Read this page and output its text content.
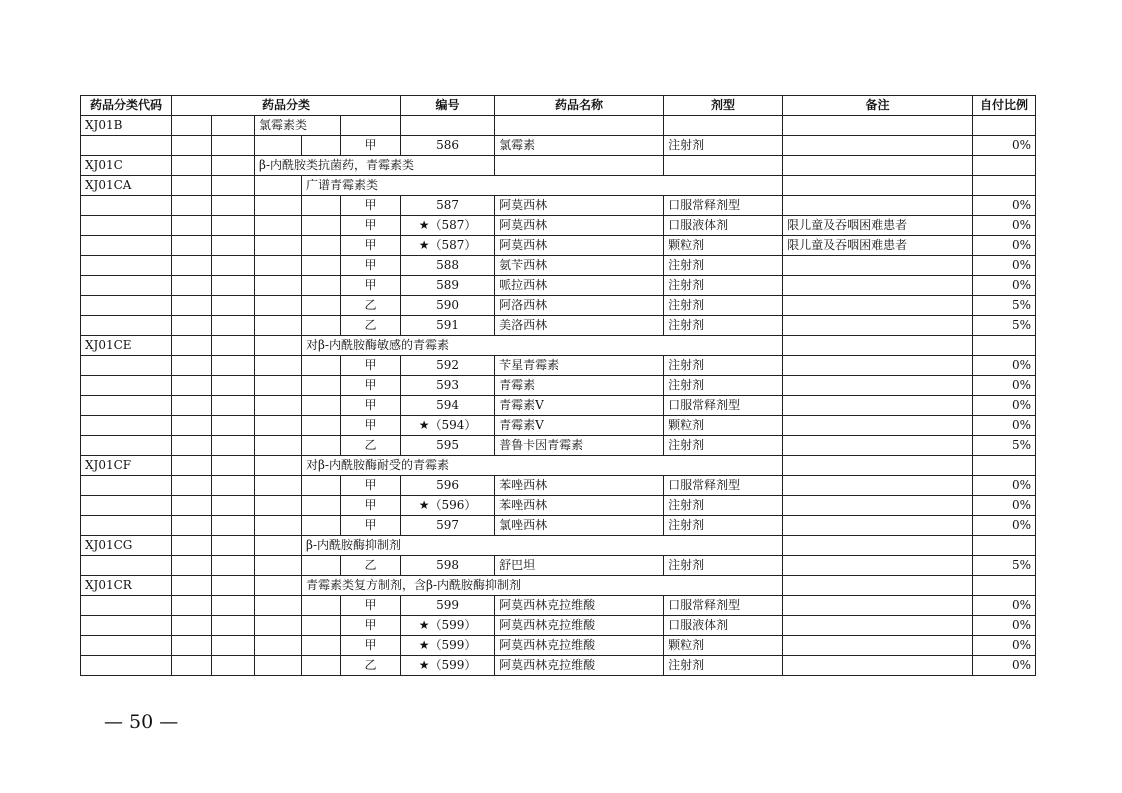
药品分类代码	药品分类					编号	药品名称	剂型	备注	自付比例	
XJ01B			氯霉素类								
					甲	586	氯霉素	注射剂		0%	
XJ01C			β-内酰胺类抗菌药，青霉素类								
XJ01CA				广谱青霉素类							
					甲	587	阿莫西林	口服常释剂型		0%	
					甲	★（587）	阿莫西林	口服液体剂	限儿童及吞咽困难患者	0%	
					甲	★（587）	阿莫西林	颗粒剂	限儿童及吞咽困难患者	0%	
					甲	588	氨苄西林	注射剂		0%	
					甲	589	哌拉西林	注射剂		0%	
					乙	590	阿洛西林	注射剂		5%	
					乙	591	美洛西林	注射剂		5%	
XJ01CE				对β-内酰胺酶敏感的青霉素							
					甲	592	苄星青霉素	注射剂		0%	
					甲	593	青霉素	注射剂		0%	
					甲	594	青霉素V	口服常释剂型		0%	
					甲	★（594）	青霉素V	颗粒剂		0%	
					乙	595	普鲁卡因青霉素	注射剂		5%	
XJ01CF				对β-内酰胺酶耐受的青霉素							
					甲	596	苯唑西林	口服常释剂型		0%	
					甲	★（596）	苯唑西林	注射剂		0%	
					甲	597	氯唑西林	注射剂		0%	
XJ01CG				β-内酰胺酶抑制剂							
					乙	598	舒巴坦	注射剂		5%	
XJ01CR				青霉素类复方制剂，含β-内酰胺酶抑制剂							
					甲	599	阿莫西林克拉维酸	口服常释剂型		0%	
					甲	★（599）	阿莫西林克拉维酸	口服液体剂		0%	
					甲	★（599）	阿莫西林克拉维酸	颗粒剂		0%	
					乙	★（599）	阿莫西林克拉维酸	注射剂		0%	
— 50 —
